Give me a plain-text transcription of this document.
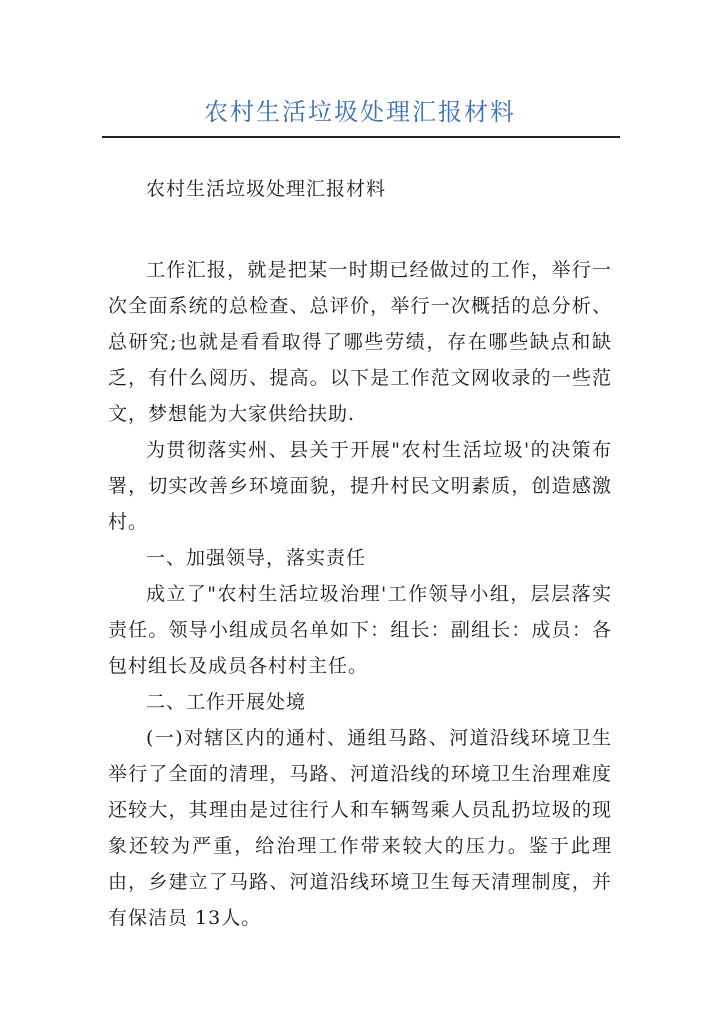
农村生活垃圾处理汇报材料

农村生活垃圾处理汇报材料

工作汇报，就是把某一时期已经做过的工作，举行一次全面系统的总检查、总评价，举行一次概括的总分析、总研究;也就是看看取得了哪些劳绩，存在哪些缺点和缺乏，有什么阅历、提高。以下是工作范文网收录的一些范文，梦想能为大家供给扶助.

为贯彻落实州、县关于开展"农村生活垃圾'的决策布署，切实改善乡环境面貌，提升村民文明素质，创造感激村。

一、加强领导，落实责任

成立了"农村生活垃圾治理'工作领导小组，层层落实责任。领导小组成员名单如下：组长：副组长：成员：各包村组长及成员各村村主任。

二、工作开展处境

(一)对辖区内的通村、通组马路、河道沿线环境卫生举行了全面的清理，马路、河道沿线的环境卫生治理难度还较大，其理由是过往行人和车辆驾乘人员乱扔垃圾的现象还较为严重，给治理工作带来较大的压力。鉴于此理由，乡建立了马路、河道沿线环境卫生每天清理制度，并有保洁员 13人。
